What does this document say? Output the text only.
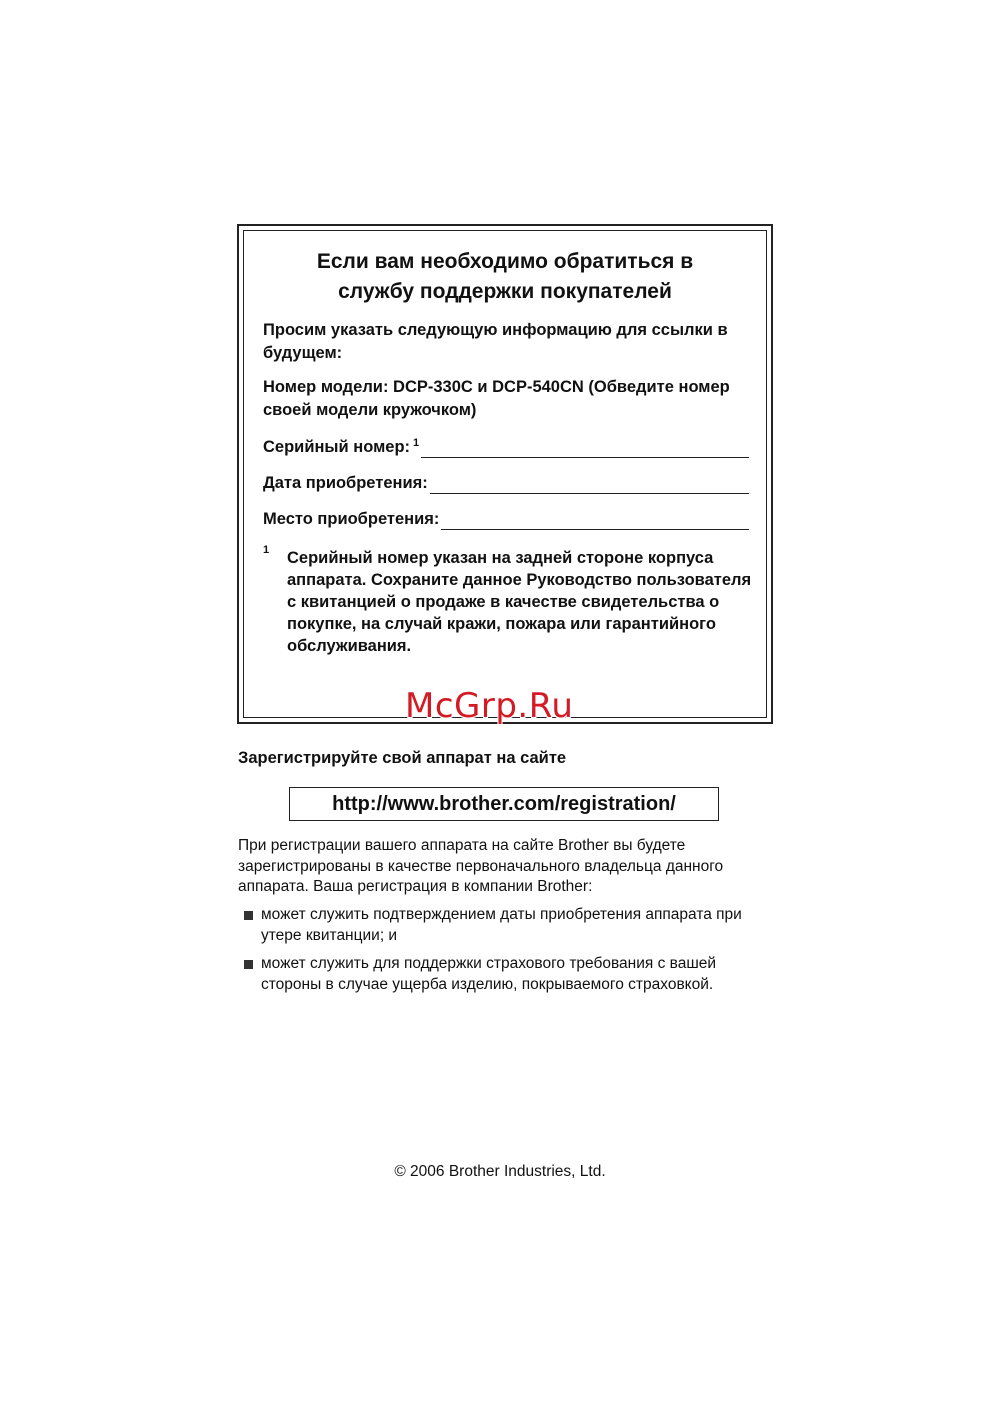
Если вам необходимо обратиться в
службу поддержки покупателей

Просим указать следующую информацию для ссылки в будущем:

Номер модели: DCP-330C и DCP-540CN (Обведите номер своей модели кружочком)

Серийный номер: $^1$
Дата приобретения:
Место приобретения:
1 Серийный номер указан на задней стороне корпуса аппарата. Сохраните данное Руководство пользователя с квитанцией о продаже в качестве свидетельства о покупке, на случай кражи, пожара или гарантийного обслуживания.

McGrp.Ru

Зарегистрируйте свой аппарат на сайте

http://www.brother.com/registration/

При регистрации вашего аппарата на сайте Brother вы будете зарегистрированы в качестве первоначального владельца данного аппарата. Ваша регистрация в компании Brother:

может служить подтверждением даты приобретения аппарата при утере квитанции; и

может служить для поддержки страхового требования с вашей стороны в случае ущерба изделию, покрываемого страховкой.

© 2006 Brother Industries, Ltd.
